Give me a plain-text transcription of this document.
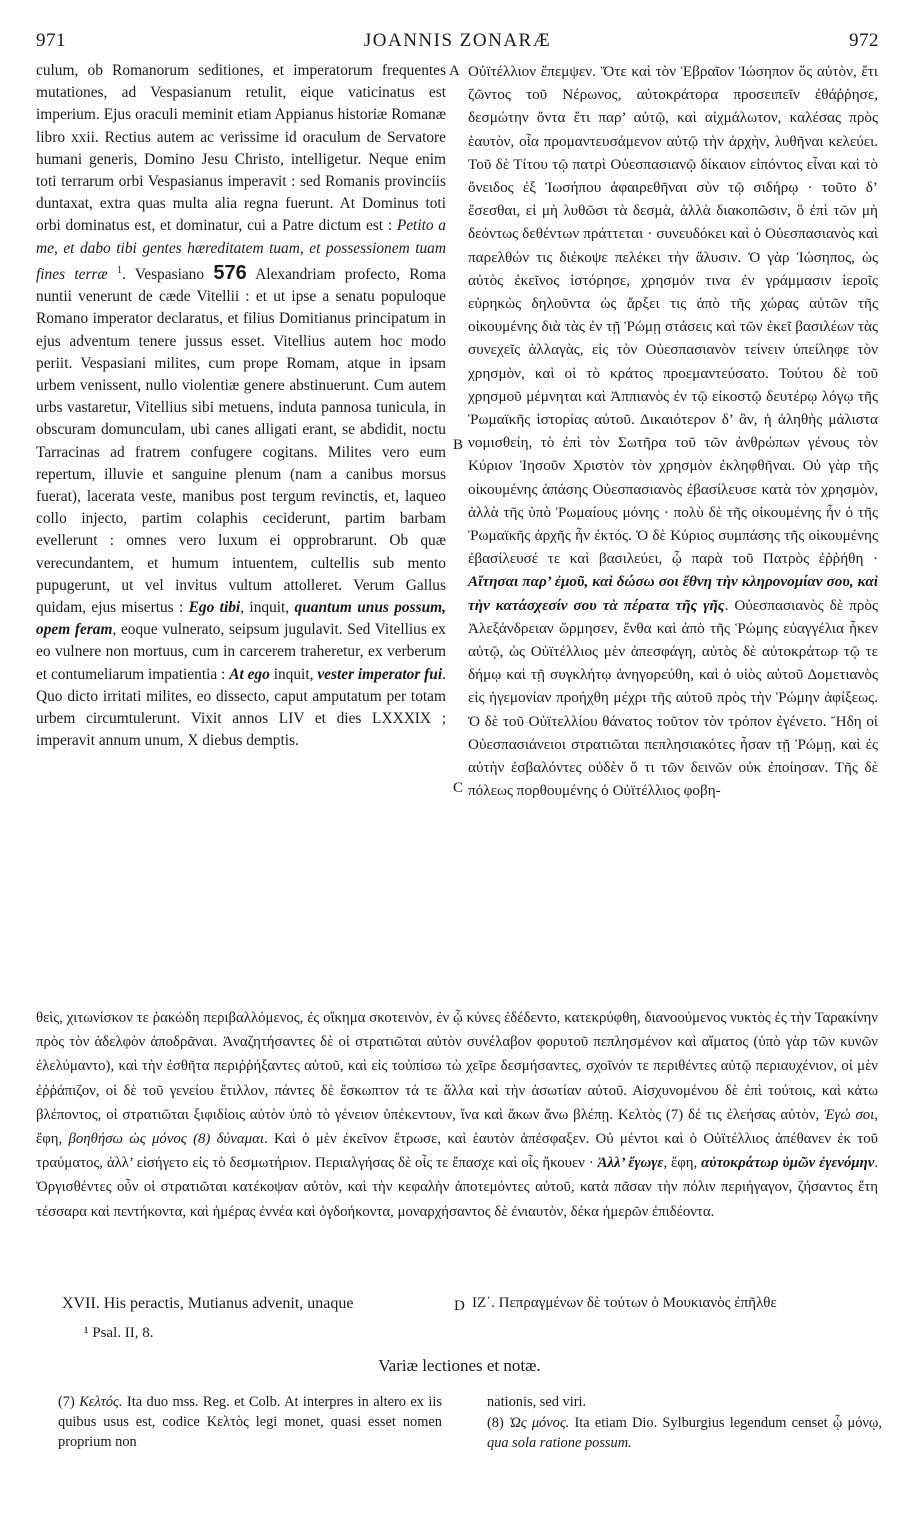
971	JOANNIS ZONARÆ	972

culum, ob Romanorum seditiones, et imperatorum frequentes mutationes, ad Vespasianum retulit, eique vaticinatus est imperium. Ejus oraculi meminit etiam Appianus historiæ Romanæ libro xxii. Rectius autem ac verissime id oraculum de Servatore humani generis, Domino Jesu Christo, intelligetur. Neque enim toti terrarum orbi Vespasianus imperavit : sed Romanis provinciis duntaxat, extra quas multa alia regna fuerunt. At Dominus toti orbi dominatus est, et dominatur, cui a Patre dictum est : Petito a me, et dabo tibi gentes hæreditatem tuam, et possessionem tuam fines terræ $^1$. Vespasiano 576 Alexandriam profecto, Roma nuntii venerunt de cæde Vitellii : et ut ipse a senatu populoque Romano imperator declaratus, et filius Domitianus principatum in ejus adventum tenere jussus esset. Vitellius autem hoc modo periit. Vespasiani milites, cum prope Romam, atque in ipsam urbem venissent, nullo violentiæ genere abstinuerunt. Cum autem urbs vastaretur, Vitellius sibi metuens, induta pannosa tunicula, in obscuram domunculam, ubi canes alligati erant, se abdidit, noctu Tarracinas ad fratrem confugere cogitans. Milites vero eum repertum, illuvie et sanguine plenum (nam a canibus morsus fuerat), lacerata veste, manibus post tergum revinctis, et, laqueo collo injecto, partim colaphis ceciderunt, partim barbam evellerunt : omnes vero luxum ei opprobrarunt. Ob quæ verecundantem, et humum intuentem, cultellis sub mento pupugerunt, ut vel invitus vultum attolleret. Verum Gallus quidam, ejus misertus : Ego tibi, inquit, quantum unus possum, opem feram, eoque vulnerato, seipsum jugulavit. Sed Vitellius ex eo vulnere non mortuus, cum in carcerem traheretur, ex verberum et contumeliarum impatientia : At ego inquit, vester imperator fui. Quo dicto irritati milites, eo dissecto, caput amputatum per totam urbem circumtulerunt. Vixit annos LIV et dies LXXXIX ; imperavit annum unum, X diebus demptis.

A
B
C
D

Οὐϊτέλλιον ἔπεμψεν. Ὅτε καὶ τὸν Ἑβραῖον Ἰώσηπον ὅς αὐτὸν, ἔτι ζῶντος τοῦ Νέρωνος, αὐτοκράτορα προσειπεῖν ἐθάῤῥησε, δεσμώτην ὄντα ἔτι παρ’ αὐτῷ, καὶ αἰχμάλωτον, καλέσας πρὸς ἑαυτὸν, οἷα προμαντευσάμενον αὐτῷ τὴν ἀρχὴν, λυθῆναι κελεύει. Τοῦ δὲ Τίτου τῷ πατρὶ Οὐεσπασιανῷ δίκαιον εἰπόντος εἶναι καὶ τὸ ὄνειδος ἐξ Ἰωσήπου ἀφαιρεθῆναι σὺν τῷ σιδήρῳ · τοῦτο δ’ ἔσεσθαι, εἰ μὴ λυθῶσι τὰ δεσμὰ, ἀλλὰ διακοπῶσιν, ὃ ἐπὶ τῶν μὴ δεόντως δεθέντων πράττεται · συνευδόκει καὶ ὁ Οὐεσπασιανὸς καὶ παρελθών τις διέκοψε πελέκει τὴν ἅλυσιν. Ὁ γὰρ Ἰώσηπος, ὡς αὐτὸς ἐκεῖνος ἱστόρησε, χρησμόν τινα ἐν γράμμασιν ἱεροῖς εὑρηκὼς δηλοῦντα ὡς ἄρξει τις ἀπὸ τῆς χώρας αὐτῶν τῆς οἰκουμένης διὰ τὰς ἐν τῇ Ῥώμῃ στάσεις καὶ τῶν ἐκεῖ βασιλέων τὰς συνεχεῖς ἀλλαγὰς, εἰς τὸν Οὐεσπασιανὸν τείνειν ὑπείληφε τὸν χρησμὸν, καὶ οἱ τὸ κράτος προεμαντεύσατο. Τούτου δὲ τοῦ χρησμοῦ μέμνηται καὶ Ἀππιανὸς ἐν τῷ εἰκοστῷ δευτέρῳ λόγῳ τῆς Ῥωμαϊκῆς ἱστορίας αὐτοῦ. Δικαιότερον δ’ ἂν, ἡ ἀληθὴς μάλιστα νομισθείη, τὸ ἐπὶ τὸν Σωτῆρα τοῦ τῶν ἀνθρώπων γένους τὸν Κύριον Ἰησοῦν Χριστὸν τὸν χρησμὸν ἐκληφθῆναι. Οὐ γὰρ τῆς οἰκουμένης ἁπάσης Οὐεσπασιανὸς ἐβασίλευσε κατὰ τὸν χρησμὸν, ἀλλὰ τῆς ὑπὸ Ῥωμαίους μόνης · πολὺ δὲ τῆς οἰκουμένης ἦν ὁ τῆς Ῥωμαϊκῆς ἀρχῆς ἦν ἐκτός. Ὁ δὲ Κύριος συμπάσης τῆς οἰκουμένης ἐβασίλευσέ τε καὶ βασιλεύει, ᾧ παρὰ τοῦ Πατρὸς ἐῤῥήθη · Αἴτησαι παρ’ ἐμοῦ, καὶ δώσω σοι ἔθνη τὴν κληρονομίαν σου, καὶ τὴν κατάσχεσίν σου τὰ πέρατα τῆς γῆς. Οὐεσπασιανὸς δὲ πρὸς Ἀλεξάνδρειαν ὥρμησεν, ἔνθα καὶ ἀπὸ τῆς Ῥώμης εὐαγγέλια ἧκεν αὐτῷ, ὡς Οὐϊτέλλιος μὲν ἀπεσφάγη, αὐτὸς δὲ αὐτοκράτωρ τῷ τε δήμῳ καὶ τῇ συγκλήτῳ ἀνηγορεύθη, καὶ ὁ υἱὸς αὐτοῦ Δομετιανὸς εἰς ἡγεμονίαν προήχθη μέχρι τῆς αὐτοῦ πρὸς τὴν Ῥώμην ἀφίξεως. Ὁ δὲ τοῦ Οὐϊτελλίου θάνατος τοῦτον τὸν τρόπον ἐγένετο. Ἤδη οἱ Οὐεσπασιάνειοι στρατιῶται πεπλησιακότες ἦσαν τῇ Ῥώμῃ, καὶ ἐς αὐτὴν ἐσβαλόντες οὐδὲν ὅ τι τῶν δεινῶν οὐκ ἐποίησαν. Τῆς δὲ πόλεως πορθουμένης ὁ Οὐϊτέλλιος φοβη-

θεὶς, χιτωνίσκον τε ῥακώδη περιβαλλόμενος, ἐς οἴκημα σκοτεινὸν, ἐν ᾧ κύνες ἐδέδεντο, κατεκρύφθη, διανοούμενος νυκτὸς ἐς τὴν Ταρακίνην πρὸς τὸν ἀδελφὸν ἀποδρᾶναι. Ἀναζητήσαντες δὲ οἱ στρατιῶται αὐτὸν συνέλαβον φορυτοῦ πεπλησμένον καὶ αἵματος (ὑπὸ γὰρ τῶν κυνῶν ἐλελύμαντο), καὶ τὴν ἐσθῆτα περιῤῥήξαντες αὐτοῦ, καὶ εἰς τοὐπίσω τὼ χεῖρε δεσμήσαντες, σχοῖνόν τε περιθέντες αὐτῷ περιαυχένιον, οἱ μὲν ἐῤῥάπιζον, οἱ δὲ τοῦ γενείου ἔτιλλον, πάντες δὲ ἔσκωπτον τά τε ἄλλα καὶ τὴν ἀσωτίαν αὐτοῦ. Αἰσχυνομένου δὲ ἐπὶ τούτοις, καὶ κάτω βλέποντος, οἱ στρατιῶται ξιφιδίοις αὐτὸν ὑπὸ τὸ γένειον ὑπέκεντουν, ἵνα καὶ ἄκων ἄνω βλέπῃ. Κελτὸς (7) δέ τις ἐλεήσας αὐτὸν, Ἐγώ σοι, ἔφη, βοηθήσω ὡς μόνος (8) δύναμαι. Καὶ ὁ μὲν ἐκεῖνον ἔτρωσε, καὶ ἑαυτὸν ἀπέσφαξεν. Οὐ μέντοι καὶ ὁ Οὐϊτέλλιος ἀπέθανεν ἐκ τοῦ τραύματος, ἀλλ’ εἰσήγετο εἰς τὸ δεσμωτήριον. Περιαλγήσας δὲ οἷς τε ἔπασχε καὶ οἷς ἤκουεν · Ἀλλ’ ἔγωγε, ἔφη, αὐτοκράτωρ ὑμῶν ἐγενόμην. Ὀργισθέντες οὖν οἱ στρατιῶται κατέκοψαν αὐτὸν, καὶ τὴν κεφαλὴν ἀποτεμόντες αὐτοῦ, κατὰ πᾶσαν τὴν πόλιν περιήγαγον, ζήσαντος ἔτη τέσσαρα καὶ πεντήκοντα, καὶ ἡμέρας ἐννέα καὶ ὀγδοήκοντα, μοναρχήσαντος δὲ ἐνιαυτὸν, δέκα ἡμερῶν ἐπιδέοντα.

XVII. His peractis, Mutianus advenit, unaque	ΙΖ΄. Πεπραγμένων δὲ τούτων ὁ Μουκιανὸς ἐπῆλθε
¹ Psal. II, 8.
Variæ lectiones et notæ.

(7) Κελτός. Ita duo mss. Reg. et Colb. At interpres in altero ex iis quibus usus est, codice Κελτὸς legi monet, quasi esset nomen proprium non

nationis, sed viri.

(8) Ὡς μόνος. Ita etiam Dio. Sylburgius legendum censet ᾧ μόνῳ, qua sola ratione possum.
